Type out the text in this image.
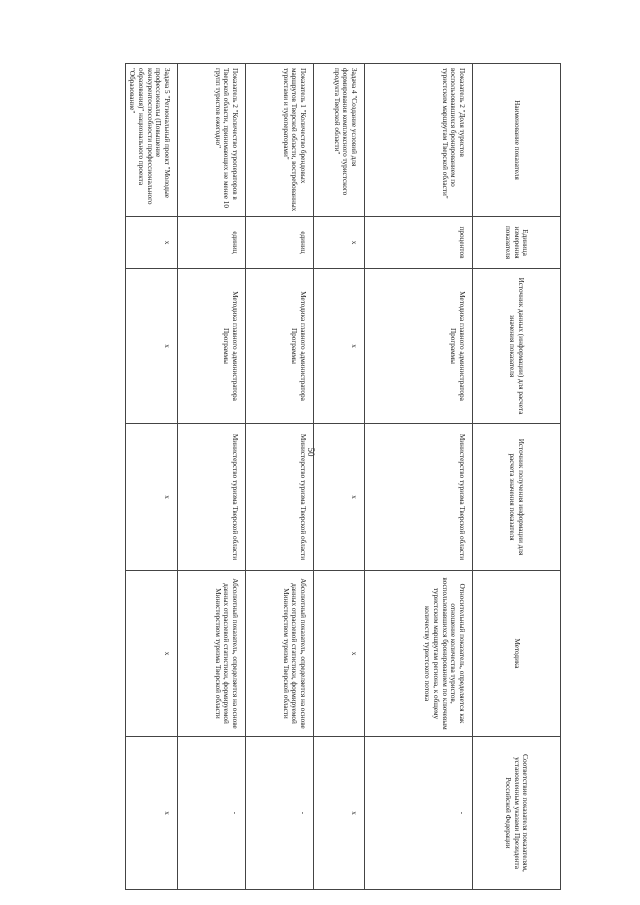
50
Наименование показателя	Единица измерения показателя	Источник данных (информации) для расчета значения показателя	Источник получения информации для расчета значения показателя	Методика	Соответствие показателя показателям, установленным указами Президента Российской Федерации
Показатель 2 "Доля туристов воспользовавшихся бронированием по туристским маршрутам Тверской области"	процентов	Методика главного администратора Программы	Министерство туризма Тверской области	Относительный показатель, определяется как отношение количества туристов, воспользовавшихся бронированием по ключевым туристским маршрутам региона, к общему количеству туристского потока	-
Задача 4 "Создание условий для формирования комплексного туристского продукта Тверской области"	х	х	х	х	х
Показатель 1 "Количество брендовых маршрутов Тверской области, востребованных туристами и туроператорами"	единиц	Методика главного администратора Программы	Министерство туризма Тверской области	Абсолютный показатель, определяется на основе данных отраслевой статистики, формируемой Министерством туризма Тверской области	-
Показатель 2 "Количество туроператоров в Тверской области, принимающих не менее 10 групп туристов ежегодно"	единиц	Методика главного администратора Программы	Министерство туризма Тверской области	Абсолютный показатель, определяется на основе данных отраслевой статистики, формируемой Министерством туризма Тверской области	-
Задача 5 "Региональный проект "Молодые профессионалы (Повышение конкурентоспособности профессионального образования)" национального проекта "Образование"	х	х	х	х	х
